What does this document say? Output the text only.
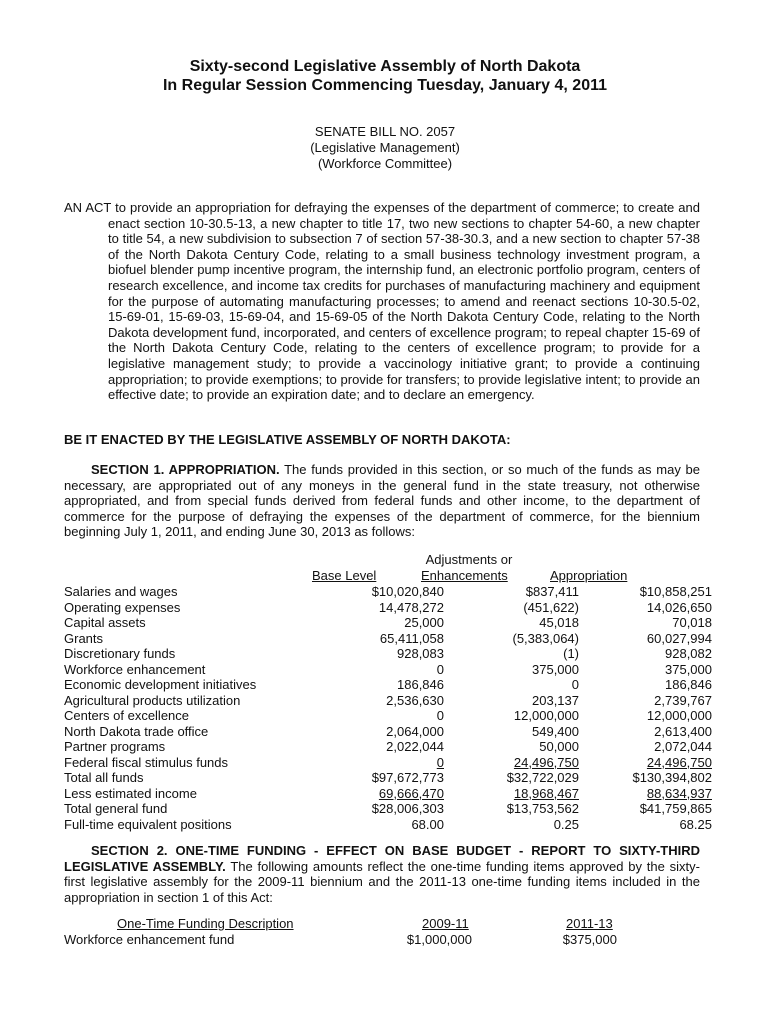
Sixty-second Legislative Assembly of North Dakota
In Regular Session Commencing Tuesday, January 4, 2011
SENATE BILL NO. 2057
(Legislative Management)
(Workforce Committee)
AN ACT to provide an appropriation for defraying the expenses of the department of commerce; to create and enact section 10-30.5-13, a new chapter to title 17, two new sections to chapter 54-60, a new chapter to title 54, a new subdivision to subsection 7 of section 57-38-30.3, and a new section to chapter 57-38 of the North Dakota Century Code, relating to a small business technology investment program, a biofuel blender pump incentive program, the internship fund, an electronic portfolio program, centers of research excellence, and income tax credits for purchases of manufacturing machinery and equipment for the purpose of automating manufacturing processes; to amend and reenact sections 10-30.5-02, 15-69-01, 15-69-03, 15-69-04, and 15-69-05 of the North Dakota Century Code, relating to the North Dakota development fund, incorporated, and centers of excellence program; to repeal chapter 15-69 of the North Dakota Century Code, relating to the centers of excellence program; to provide for a legislative management study; to provide a vaccinology initiative grant; to provide a continuing appropriation; to provide exemptions; to provide for transfers; to provide legislative intent; to provide an effective date; to provide an expiration date; and to declare an emergency.
BE IT ENACTED BY THE LEGISLATIVE ASSEMBLY OF NORTH DAKOTA:
SECTION 1. APPROPRIATION. The funds provided in this section, or so much of the funds as may be necessary, are appropriated out of any moneys in the general fund in the state treasury, not otherwise appropriated, and from special funds derived from federal funds and other income, to the department of commerce for the purpose of defraying the expenses of the department of commerce, for the biennium beginning July 1, 2011, and ending June 30, 2013 as follows:
Adjustments or
Base Level	Enhancements	Appropriation
Salaries and wages	$10,020,840	$837,411	$10,858,251
Operating expenses	14,478,272	(451,622)	14,026,650
Capital assets	25,000	45,018	70,018
Grants	65,411,058	(5,383,064)	60,027,994
Discretionary funds	928,083	(1)	928,082
Workforce enhancement	0	375,000	375,000
Economic development initiatives	186,846	0	186,846
Agricultural products utilization	2,536,630	203,137	2,739,767
Centers of excellence	0	12,000,000	12,000,000
North Dakota trade office	2,064,000	549,400	2,613,400
Partner programs	2,022,044	50,000	2,072,044
Federal fiscal stimulus funds	0	24,496,750	24,496,750
Total all funds	$97,672,773	$32,722,029	$130,394,802
Less estimated income	69,666,470	18,968,467	88,634,937
Total general fund	$28,006,303	$13,753,562	$41,759,865
Full-time equivalent positions	68.00	0.25	68.25
SECTION 2. ONE-TIME FUNDING - EFFECT ON BASE BUDGET - REPORT TO SIXTY-THIRD LEGISLATIVE ASSEMBLY. The following amounts reflect the one-time funding items approved by the sixty-first legislative assembly for the 2009-11 biennium and the 2011-13 one-time funding items included in the appropriation in section 1 of this Act:
One-Time Funding Description	2009-11	2011-13
Workforce enhancement fund	$1,000,000	$375,000
